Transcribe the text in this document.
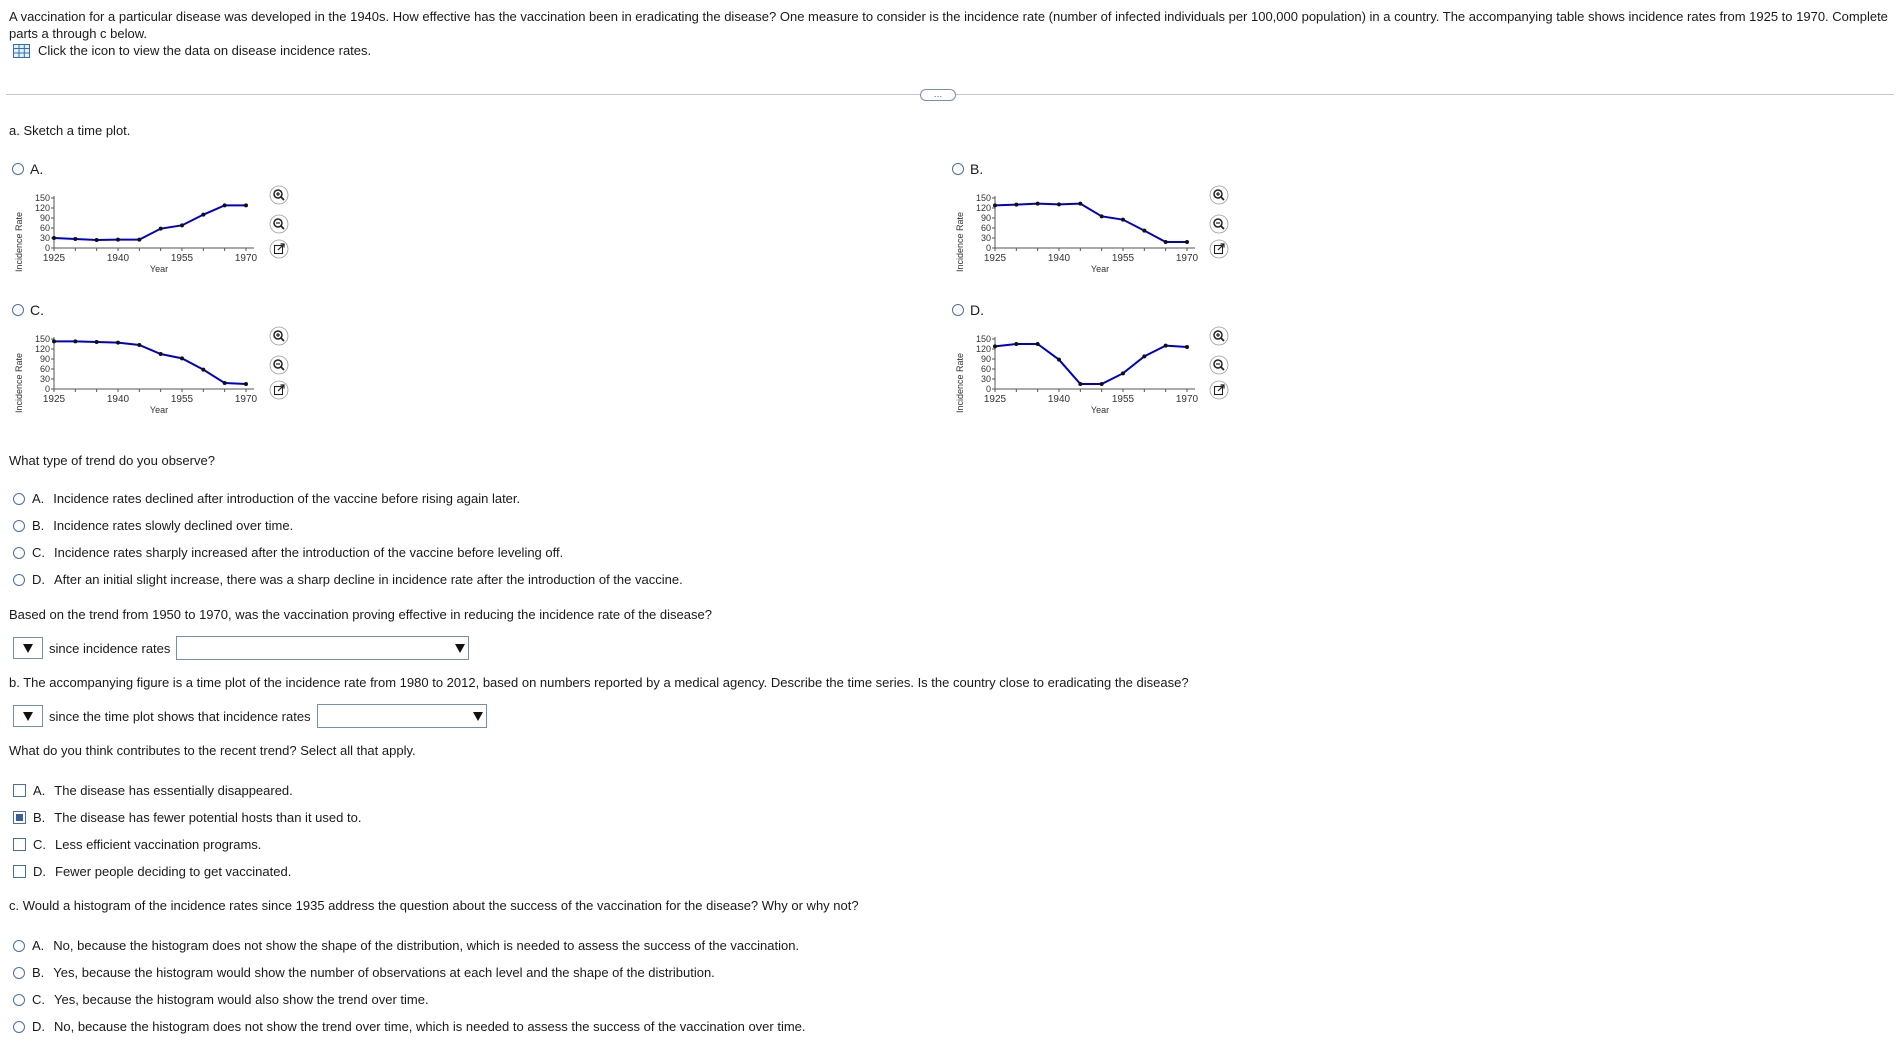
A vaccination for a particular disease was developed in the 1940s. How effective has the vaccination been in eradicating the disease? One measure to consider is the incidence rate (number of infected individuals per 100,000 population) in a country. The accompanying table shows incidence rates from 1925 to 1970. Complete parts a through c below.
Click the icon to view the data on disease incidence rates.
…
a. Sketch a time plot.
A.	B.
C.	D.
Incidence Rate
150
120
90
60
30
0
1925	1940	1955	1970
Year	Incidence Rate
150
120
90
60
30
0
1925	1940	1955	1970
Year
Incidence Rate
150
120
90
60
30
0
1925	1940	1955	1970
Year	Incidence Rate
150
120
90
60
30
0
1925	1940	1955	1970
Year
What type of trend do you observe?
A. Incidence rates declined after introduction of the vaccine before rising again later.
B. Incidence rates slowly declined over time.
C. Incidence rates sharply increased after the introduction of the vaccine before leveling off.
D. After an initial slight increase, there was a sharp decline in incidence rate after the introduction of the vaccine.
Based on the trend from 1950 to 1970, was the vaccination proving effective in reducing the incidence rate of the disease?
since incidence rates
b. The accompanying figure is a time plot of the incidence rate from 1980 to 2012, based on numbers reported by a medical agency. Describe the time series. Is the country close to eradicating the disease?
since the time plot shows that incidence rates
What do you think contributes to the recent trend? Select all that apply.
A. The disease has essentially disappeared.
B. The disease has fewer potential hosts than it used to.
C. Less efficient vaccination programs.
D. Fewer people deciding to get vaccinated.
c. Would a histogram of the incidence rates since 1935 address the question about the success of the vaccination for the disease? Why or why not?
A. No, because the histogram does not show the shape of the distribution, which is needed to assess the success of the vaccination.
B. Yes, because the histogram would show the number of observations at each level and the shape of the distribution.
C. Yes, because the histogram would also show the trend over time.
D. No, because the histogram does not show the trend over time, which is needed to assess the success of the vaccination over time.
